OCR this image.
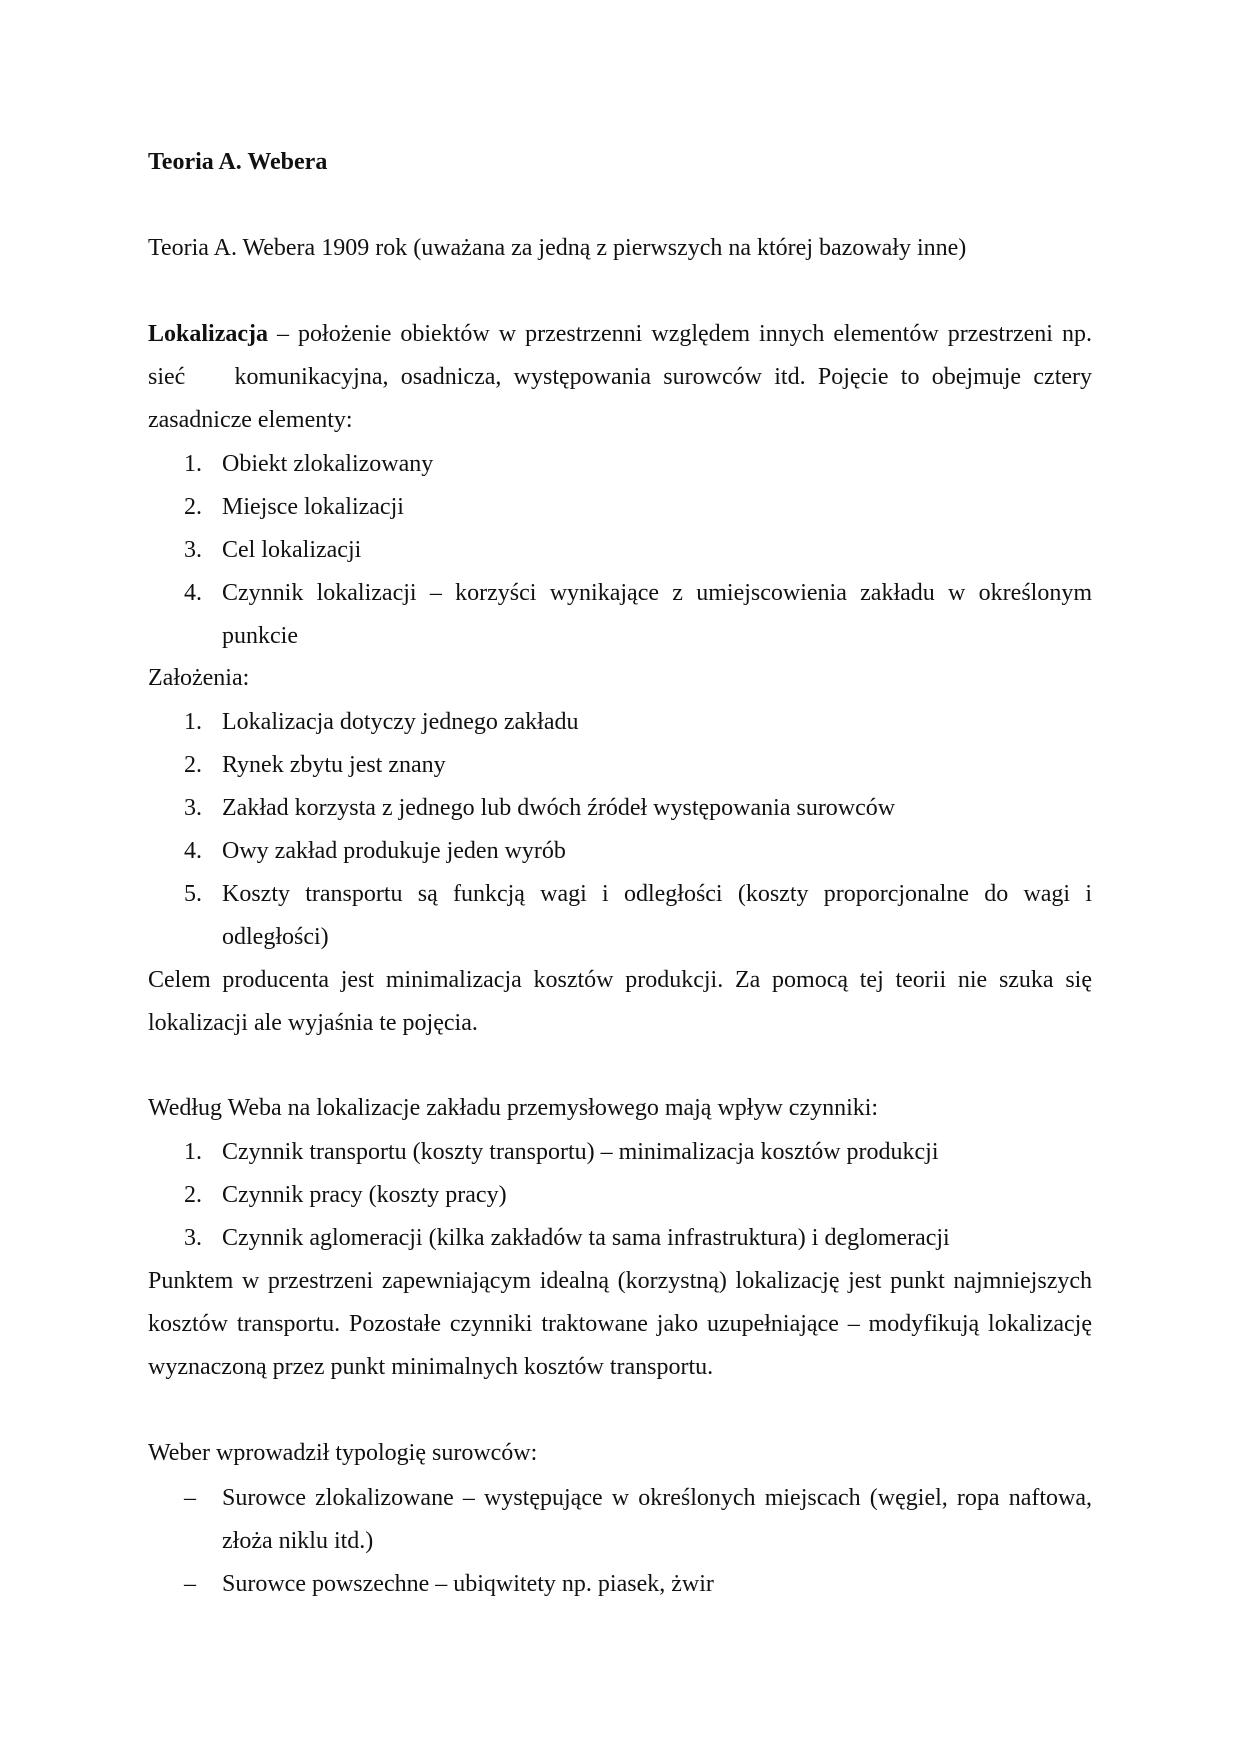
Teoria A. Webera
Teoria A. Webera 1909 rok (uważana za jedną z pierwszych na której bazowały inne)
Lokalizacja – położenie obiektów w przestrzenni względem innych elementów przestrzeni np. sieć    komunikacyjna, osadnicza, występowania surowców itd. Pojęcie to obejmuje cztery zasadnicze elementy:
1. Obiekt zlokalizowany
2. Miejsce lokalizacji
3. Cel lokalizacji
4. Czynnik lokalizacji – korzyści wynikające z umiejscowienia zakładu w określonym punkcie
Założenia:
1. Lokalizacja dotyczy jednego zakładu
2. Rynek zbytu jest znany
3. Zakład korzysta z jednego lub dwóch źródeł występowania surowców
4. Owy zakład produkuje jeden wyrób
5. Koszty transportu są funkcją wagi i odległości (koszty proporcjonalne do wagi i odległości)
Celem producenta jest minimalizacja kosztów produkcji. Za pomocą tej teorii nie szuka się lokalizacji ale wyjaśnia te pojęcia.
Według Weba na lokalizacje zakładu przemysłowego mają wpływ czynniki:
1. Czynnik transportu (koszty transportu) – minimalizacja kosztów produkcji
2. Czynnik pracy (koszty pracy)
3. Czynnik aglomeracji (kilka zakładów ta sama infrastruktura) i deglomeracji
Punktem w przestrzeni zapewniającym idealną (korzystną) lokalizację jest punkt najmniejszych kosztów transportu. Pozostałe czynniki traktowane jako uzupełniające – modyfikują lokalizację wyznaczoną przez punkt minimalnych kosztów transportu.
Weber wprowadził typologię surowców:
– Surowce zlokalizowane – występujące w określonych miejscach (węgiel, ropa naftowa, złoża niklu itd.)
– Surowce powszechne – ubiqwitety np. piasek, żwir
